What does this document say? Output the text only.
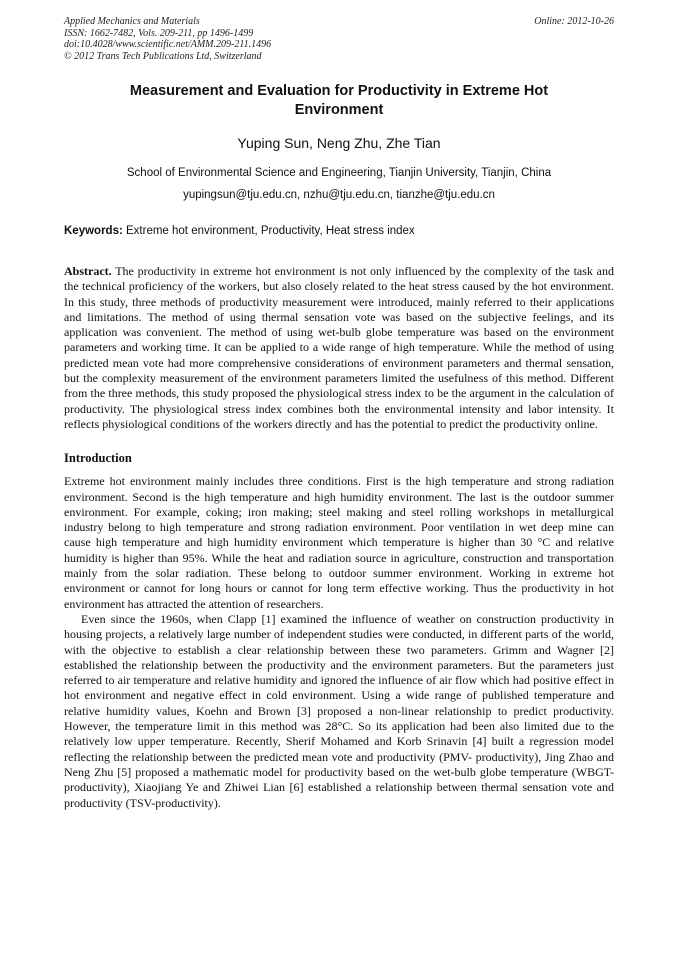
Applied Mechanics and Materials
ISSN: 1662-7482, Vols. 209-211, pp 1496-1499
doi:10.4028/www.scientific.net/AMM.209-211.1496
© 2012 Trans Tech Publications Ltd, Switzerland
Online: 2012-10-26
Measurement and Evaluation for Productivity in Extreme Hot Environment
Yuping Sun, Neng Zhu, Zhe Tian
School of Environmental Science and Engineering, Tianjin University, Tianjin, China
yupingsun@tju.edu.cn, nzhu@tju.edu.cn, tianzhe@tju.edu.cn
Keywords: Extreme hot environment, Productivity, Heat stress index
Abstract. The productivity in extreme hot environment is not only influenced by the complexity of the task and the technical proficiency of the workers, but also closely related to the heat stress caused by the hot environment. In this study, three methods of productivity measurement were introduced, mainly referred to their applications and limitations. The method of using thermal sensation vote was based on the subjective feelings, and its application was convenient. The method of using wet-bulb globe temperature was based on the environment parameters and working time. It can be applied to a wide range of high temperature. While the method of using predicted mean vote had more comprehensive considerations of environment parameters and thermal sensation, but the complexity measurement of the environment parameters limited the usefulness of this method. Different from the three methods, this study proposed the physiological stress index to be the argument in the calculation of productivity. The physiological stress index combines both the environmental intensity and labor intensity. It reflects physiological conditions of the workers directly and has the potential to predict the productivity online.
Introduction
Extreme hot environment mainly includes three conditions. First is the high temperature and strong radiation environment. Second is the high temperature and high humidity environment. The last is the outdoor summer environment. For example, coking; iron making; steel making and steel rolling workshops in metallurgical industry belong to high temperature and strong radiation environment. Poor ventilation in wet deep mine can cause high temperature and high humidity environment which temperature is higher than 30 °C and relative humidity is higher than 95%. While the heat and radiation source in agriculture, construction and transportation mainly from the solar radiation. These belong to outdoor summer environment. Working in extreme hot environment or cannot for long hours or cannot for long term effective working. Thus the productivity in hot environment has attracted the attention of researchers.
Even since the 1960s, when Clapp [1] examined the influence of weather on construction productivity in housing projects, a relatively large number of independent studies were conducted, in different parts of the world, with the objective to establish a clear relationship between these two parameters. Grimm and Wagner [2] established the relationship between the productivity and the environment parameters. But the parameters just referred to air temperature and relative humidity and ignored the influence of air flow which had positive effect in hot environment and negative effect in cold environment. Using a wide range of published temperature and relative humidity values, Koehn and Brown [3] proposed a non-linear relationship to predict productivity. However, the temperature limit in this method was 28°C. So its application had been also limited due to the relatively low upper temperature. Recently, Sherif Mohamed and Korb Srinavin [4] built a regression model reflecting the relationship between the predicted mean vote and productivity (PMV- productivity), Jing Zhao and Neng Zhu [5] proposed a mathematic model for productivity based on the wet-bulb globe temperature (WBGT-productivity), Xiaojiang Ye and Zhiwei Lian [6] established a relationship between thermal sensation vote and productivity (TSV-productivity).
